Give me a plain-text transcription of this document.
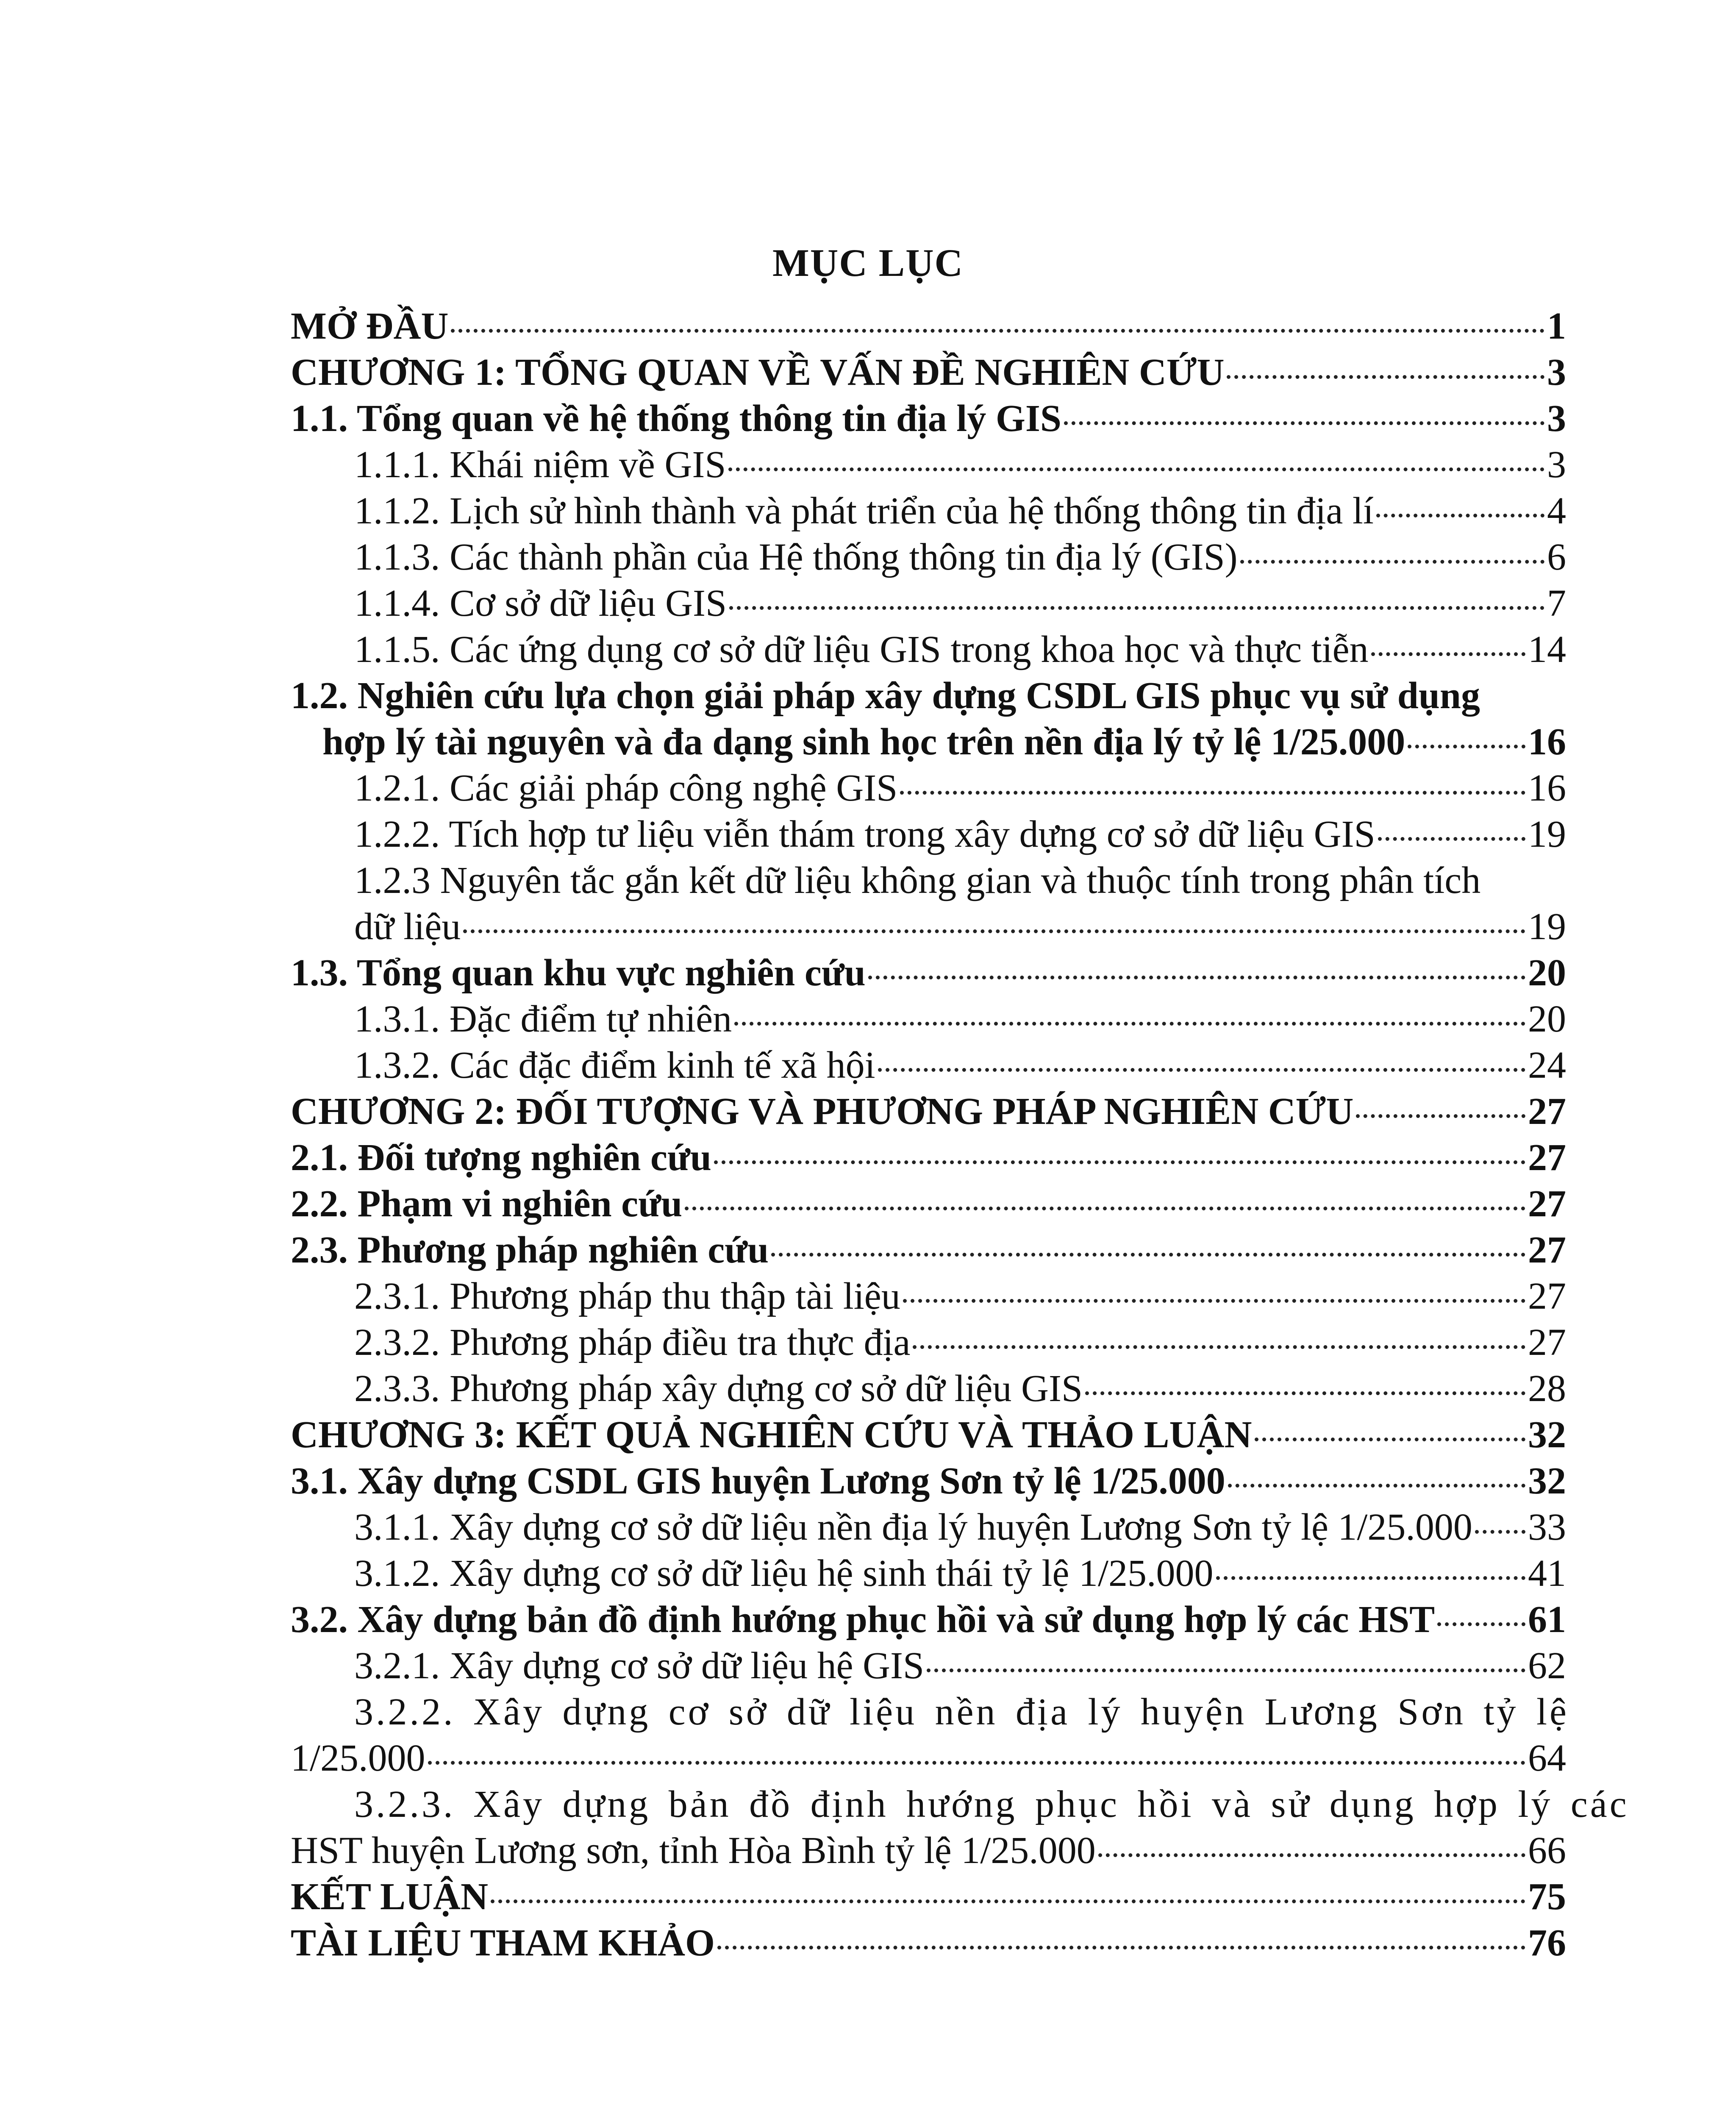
MỤC LỤC
MỞ ĐẦU	1
CHƯƠNG 1: TỔNG QUAN VỀ VẤN ĐỀ NGHIÊN CỨU	3
1.1. Tổng quan về hệ thống thông tin địa lý GIS	3
1.1.1. Khái niệm về GIS	3
1.1.2. Lịch sử hình thành và phát triển của hệ thống thông tin địa lí	4
1.1.3. Các thành phần của Hệ thống thông tin địa lý (GIS)	6
1.1.4. Cơ sở dữ liệu GIS	7
1.1.5. Các ứng dụng cơ sở dữ liệu GIS trong khoa học và thực tiễn	14
1.2. Nghiên cứu lựa chọn giải pháp xây dựng CSDL GIS phục vụ sử dụng
hợp lý tài nguyên và đa dạng sinh học trên nền địa lý tỷ lệ 1/25.000	16
1.2.1. Các giải pháp công nghệ GIS	16
1.2.2. Tích hợp tư liệu viễn thám trong xây dựng cơ sở dữ liệu GIS	19
1.2.3 Nguyên tắc gắn kết dữ liệu không gian và thuộc tính trong phân tích
dữ liệu	19
1.3. Tổng quan khu vực nghiên cứu	20
1.3.1. Đặc điểm tự nhiên	20
1.3.2. Các đặc điểm kinh tế xã hội	24
CHƯƠNG 2: ĐỐI TƯỢNG VÀ PHƯƠNG PHÁP NGHIÊN CỨU	27
2.1. Đối tượng nghiên cứu	27
2.2. Phạm vi nghiên cứu	27
2.3. Phương pháp nghiên cứu	27
2.3.1. Phương pháp thu thập tài liệu	27
2.3.2. Phương pháp điều tra thực địa	27
2.3.3. Phương pháp xây dựng cơ sở dữ liệu GIS	28
CHƯƠNG 3: KẾT QUẢ NGHIÊN CỨU VÀ THẢO LUẬN	32
3.1. Xây dựng CSDL GIS huyện Lương Sơn tỷ lệ 1/25.000	32
3.1.1. Xây dựng cơ sở dữ liệu nền địa lý huyện Lương Sơn tỷ lệ 1/25.000 33
3.1.2. Xây dựng cơ sở dữ liệu hệ sinh thái tỷ lệ 1/25.000	41
3.2. Xây dựng bản đồ định hướng phục hồi và sử dụng hợp lý các HST 61
3.2.1. Xây dựng cơ sở dữ liệu hệ GIS	62
3.2.2. Xây dựng cơ sở dữ liệu nền địa lý huyện Lương Sơn tỷ lệ
1/25.000	64
3.2.3. Xây dựng bản đồ định hướng phục hồi và sử dụng hợp lý các
HST huyện Lương sơn, tỉnh Hòa Bình tỷ lệ 1/25.000	66
KẾT LUẬN	75
TÀI LIỆU THAM KHẢO	76
